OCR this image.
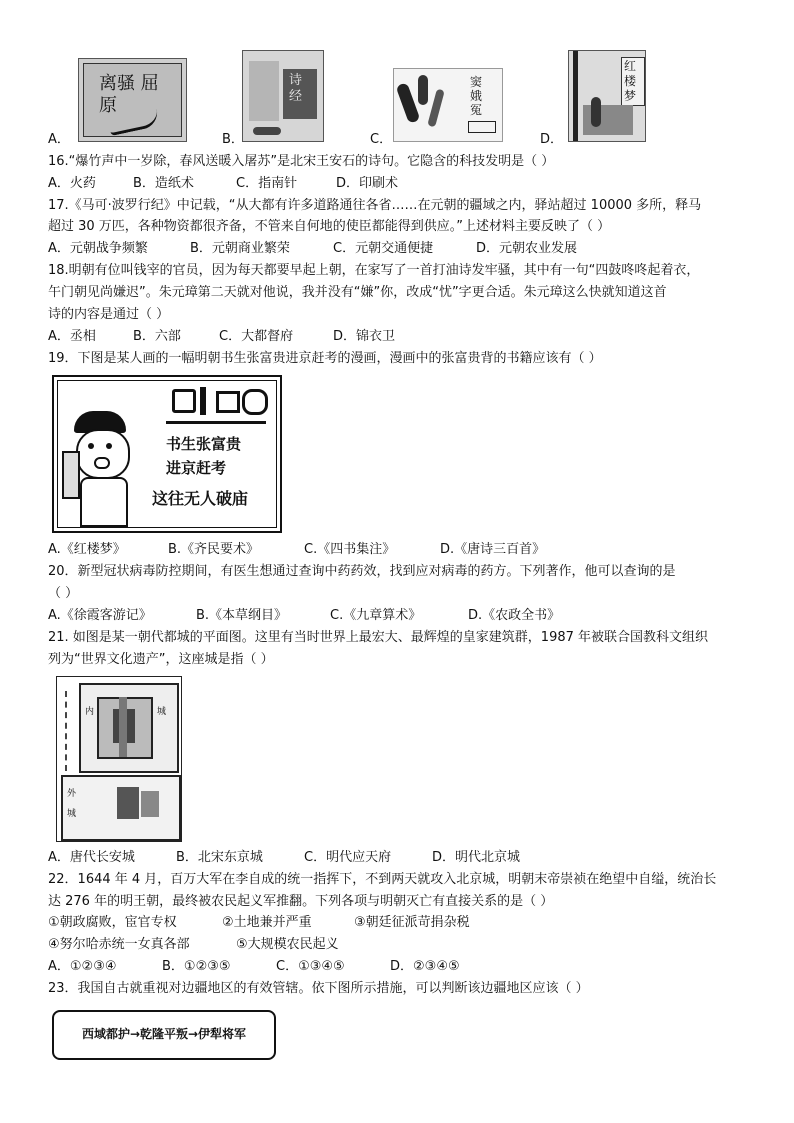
离骚 屈原
A．
诗经
B．
窦娥冤
C．
红楼梦
D．
16.“爆竹声中一岁除，春风送暖入屠苏”是北宋王安石的诗句。它隐含的科技发明是（ ）
A．火药	B．造纸术	C．指南针	D．印刷术
17.《马可·波罗行纪》中记载，“从大都有许多道路通往各省……在元朝的疆域之内，驿站超过 10000 多所，释马
超过 30 万匹，各种物资都很齐备，不管来自何地的使臣都能得到供应。”上述材料主要反映了（ ）
A．元朝战争频繁	B．元朝商业繁荣	C．元朝交通便捷	D．元朝农业发展
18.明朝有位叫钱宰的官员，因为每天都要早起上朝，在家写了一首打油诗发牢骚，其中有一句“四鼓咚咚起着衣，
午门朝见尚嫌迟”。朱元璋第二天就对他说，我并没有“嫌”你，改成“忧”字更合适。朱元璋这么快就知道这首
诗的内容是通过（ ）
A．丞相	B．六部	C．大都督府	D．锦衣卫
19．下图是某人画的一幅明朝书生张富贵进京赶考的漫画，漫画中的张富贵背的书籍应该有（ ）
书生张富贵
进京赶考
这往无人破庙
A.《红楼梦》	B.《齐民要术》	C.《四书集注》	D.《唐诗三百首》
20．新型冠状病毒防控期间，有医生想通过查询中药药效，找到应对病毒的药方。下列著作，他可以查询的是
（ ）
A.《徐霞客游记》	B.《本草纲目》	C.《九章算术》	D.《农政全书》
21. 如图是某一朝代都城的平面图。这里有当时世界上最宏大、最辉煌的皇家建筑群，1987 年被联合国教科文组织
列为“世界文化遗产”，这座城是指（ ）
内	城
外
城
A．唐代长安城	B．北宋东京城	C．明代应天府	D．明代北京城
22．1644 年 4 月，百万大军在李自成的统一指挥下，不到两天就攻入北京城，明朝末帝崇祯在绝望中自缢，统治长
达 276 年的明王朝，最终被农民起义军推翻。下列各项与明朝灭亡有直接关系的是（ ）
①朝政腐败，宦官专权	②土地兼并严重	③朝廷征派苛捐杂税
④努尔哈赤统一女真各部	⑤大规模农民起义
A．①②③④	B．①②③⑤	C．①③④⑤	D．②③④⑤
23．我国自古就重视对边疆地区的有效管辖。依下图所示措施，可以判断该边疆地区应该（ ）
西域都护→乾隆平叛→伊犁将军
